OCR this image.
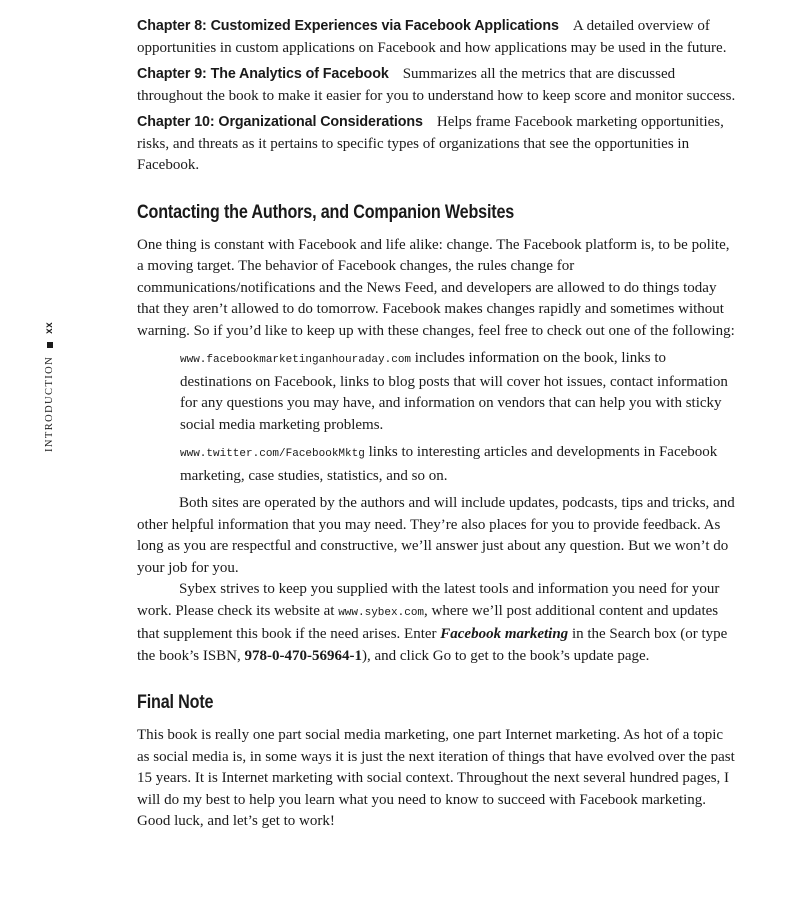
INTRODUCTION
xx

Chapter 8: Customized Experiences via Facebook Applications A detailed overview of opportunities in custom applications on Facebook and how applications may be used in the future.

Chapter 9: The Analytics of Facebook Summarizes all the metrics that are discussed throughout the book to make it easier for you to understand how to keep score and monitor success.

Chapter 10: Organizational Considerations Helps frame Facebook marketing opportunities, risks, and threats as it pertains to specific types of organizations that see the opportunities in Facebook.

Contacting the Authors, and Companion Websites

One thing is constant with Facebook and life alike: change. The Facebook platform is, to be polite, a moving target. The behavior of Facebook changes, the rules change for communications/notifications and the News Feed, and developers are allowed to do things today that they aren’t allowed to do tomorrow. Facebook makes changes rapidly and sometimes without warning. So if you’d like to keep up with these changes, feel free to check out one of the following:

www.facebookmarketinganhouraday.com includes information on the book, links to destinations on Facebook, links to blog posts that will cover hot issues, contact information for any questions you may have, and information on vendors that can help you with sticky social media marketing problems.

www.twitter.com/FacebookMktg links to interesting articles and developments in Facebook marketing, case studies, statistics, and so on.

Both sites are operated by the authors and will include updates, podcasts, tips and tricks, and other helpful information that you may need. They’re also places for you to provide feedback. As long as you are respectful and constructive, we’ll answer just about any question. But we won’t do your job for you.

Sybex strives to keep you supplied with the latest tools and information you need for your work. Please check its website at www.sybex.com, where we’ll post additional content and updates that supplement this book if the need arises. Enter Facebook marketing in the Search box (or type the book’s ISBN, 978-0-470-56964-1), and click Go to get to the book’s update page.

Final Note

This book is really one part social media marketing, one part Internet marketing. As hot of a topic as social media is, in some ways it is just the next iteration of things that have evolved over the past 15 years. It is Internet marketing with social context. Throughout the next several hundred pages, I will do my best to help you learn what you need to know to succeed with Facebook marketing. Good luck, and let’s get to work!
